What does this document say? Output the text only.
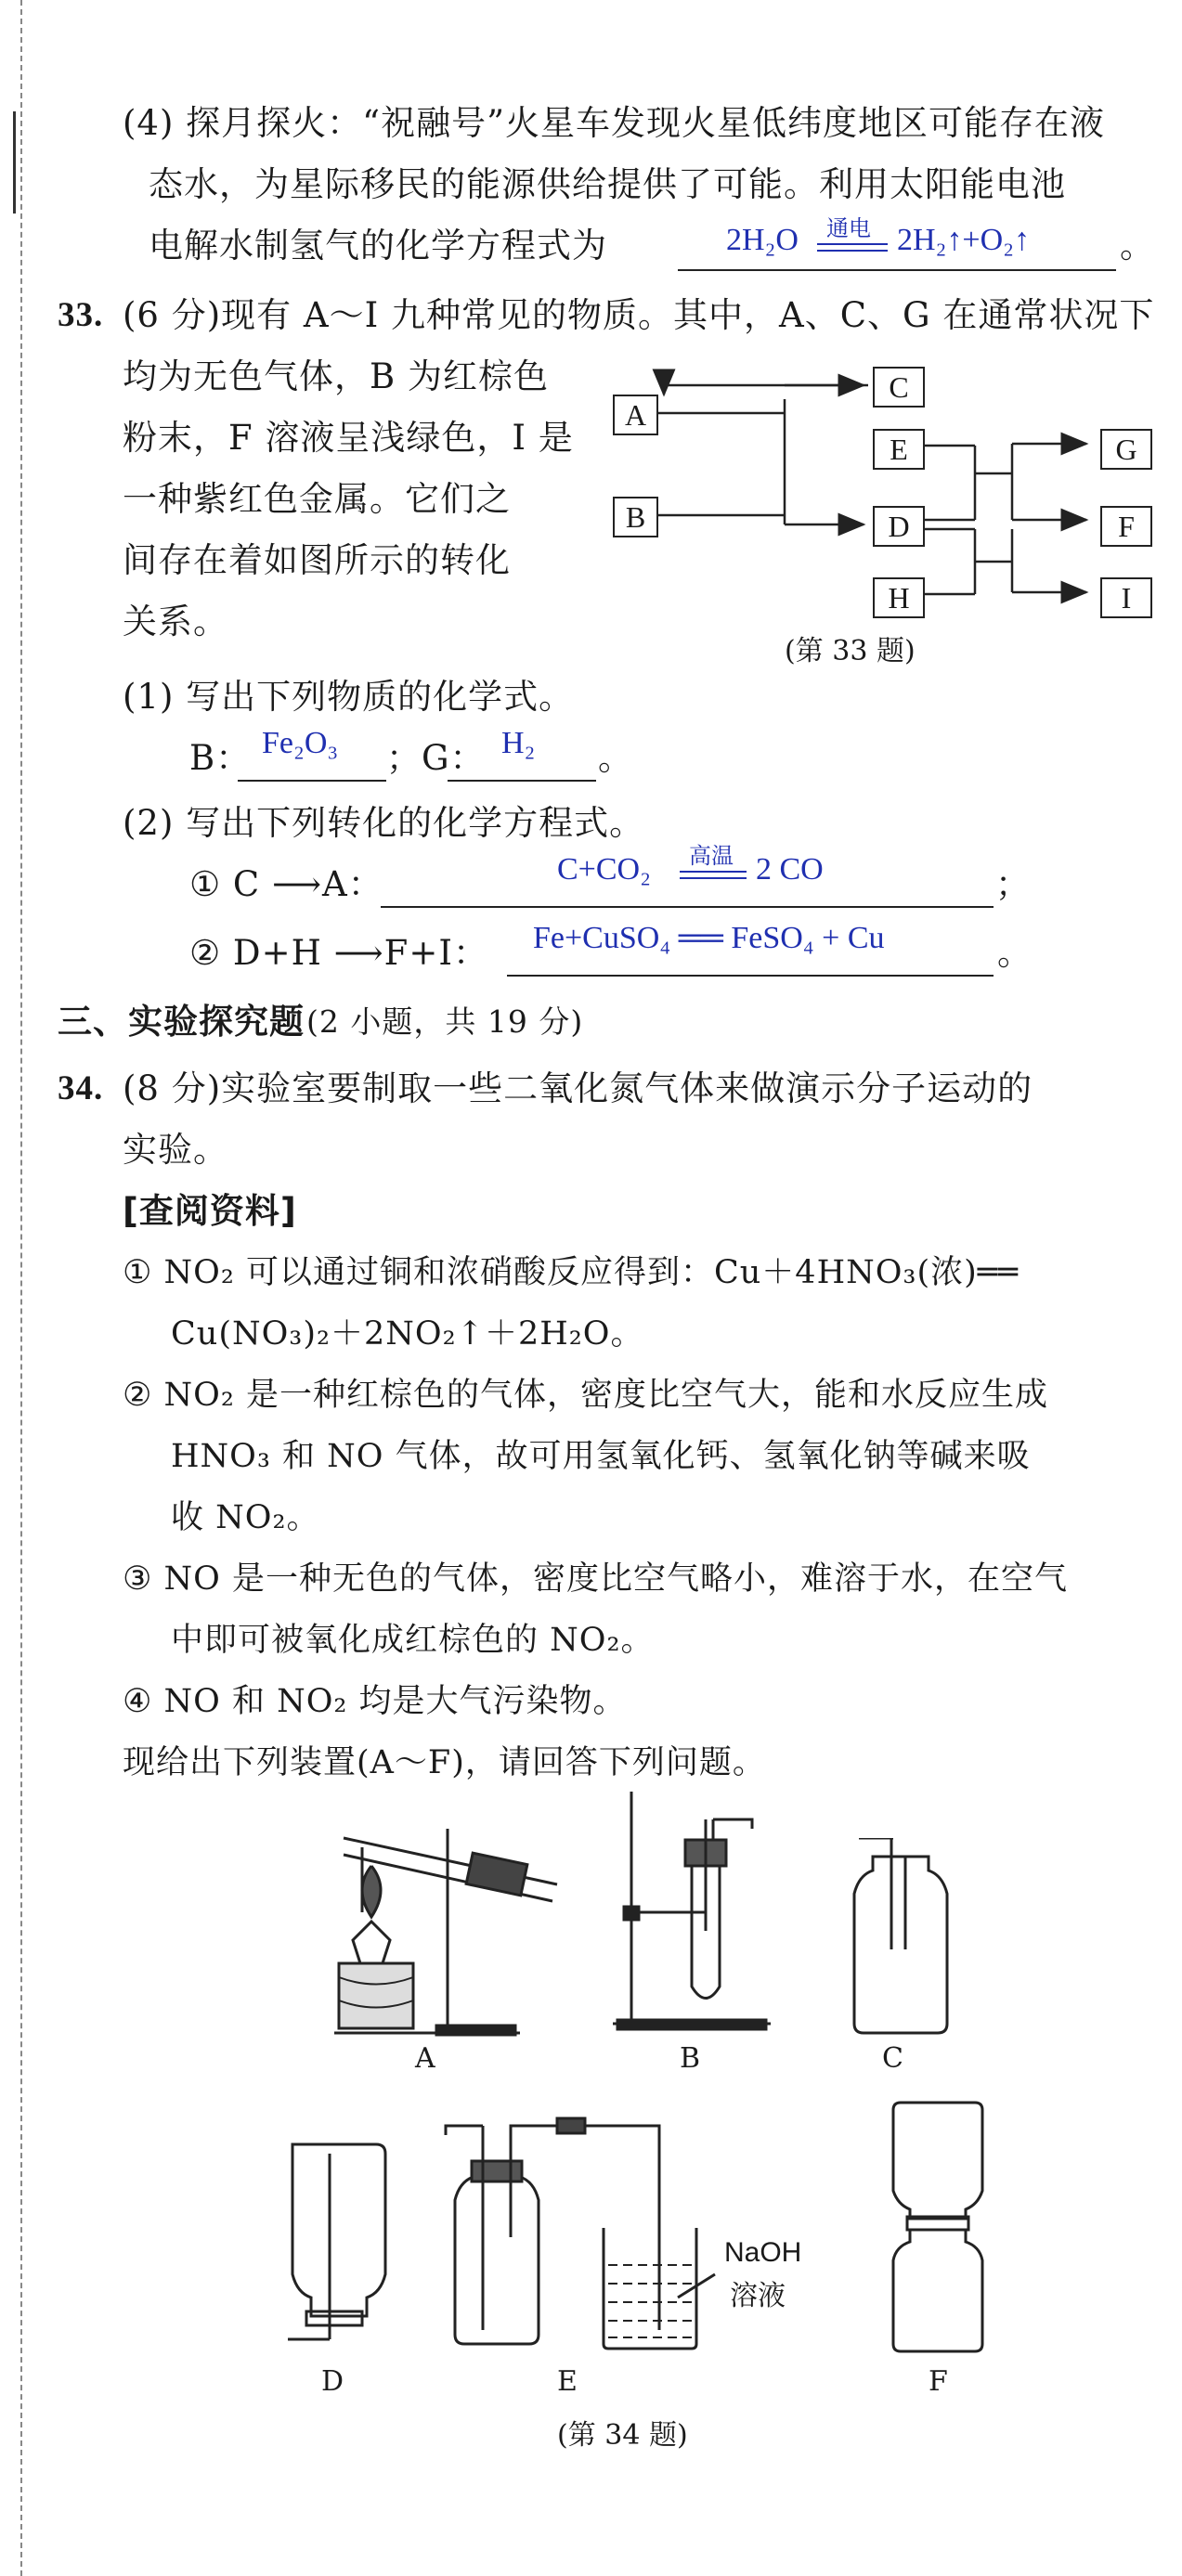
(4) 探月探火：“祝融号”火星车发现火星低纬度地区可能存在液
态水，为星际移民的能源供给提供了可能。利用太阳能电池
电解水制氢气的化学方程式为	2H₂O 通电 2H₂↑+O₂↑	。
33. (6 分)现有 A～I 九种常见的物质。其中，A、C、G 在通常状况下
均为无色气体，B 为红棕色
粉末，F 溶液呈浅绿色，I 是
一种紫红色金属。它们之
间存在着如图所示的转化
关系。
A
B
C
E
D
H
G
F
I
(第 33 题)
(1) 写出下列物质的化学式。
B： Fe₂O₃ ；G： H₂ 。
(2) 写出下列转化的化学方程式。
① C ⟶A：	C+CO₂ 高温 2 CO	；
② D+H ⟶F+I： Fe+CuSO₄ ══ FeSO₄ + Cu	。
三、实验探究题 (2 小题，共 19 分)
34. (8 分)实验室要制取一些二氧化氮气体来做演示分子运动的
实验。
[查阅资料]
① NO₂ 可以通过铜和浓硝酸反应得到：Cu＋4HNO₃(浓)══
Cu(NO₃)₂＋2NO₂↑＋2H₂O。
② NO₂ 是一种红棕色的气体，密度比空气大，能和水反应生成
HNO₃ 和 NO 气体，故可用氢氧化钙、氢氧化钠等碱来吸
收 NO₂。
③ NO 是一种无色的气体，密度比空气略小，难溶于水，在空气
中即可被氧化成红棕色的 NO₂。
④ NO 和 NO₂ 均是大气污染物。
现给出下列装置(A～F)，请回答下列问题。
NaOH
溶液
A	B	C
D	E	F
(第 34 题)
